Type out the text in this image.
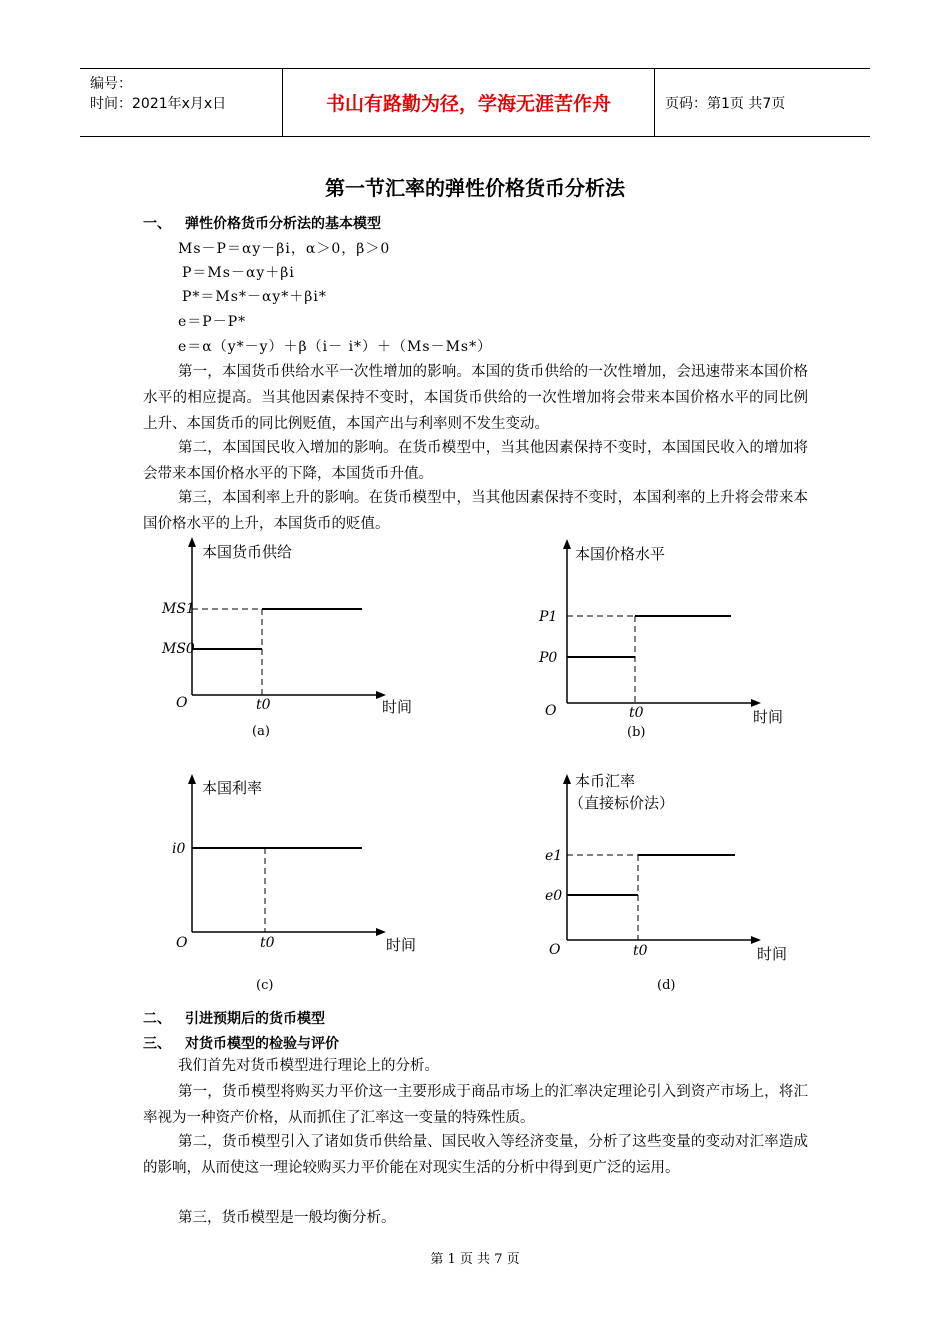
编号：
时间：2021年x月x日	书山有路勤为径，学海无涯苦作舟	页码：第1页 共7页
第一节汇率的弹性价格货币分析法
一、 弹性价格货币分析法的基本模型
Ms－P＝αy－βi，α＞0，β＞0
P＝Ms－αy＋βi
P*＝Ms*－αy*＋βi*
e＝P－P*
e＝α（y*－y）＋β（i－ i*）＋（Ms－Ms*）
第一，本国货币供给水平一次性增加的影响。本国的货币供给的一次性增加，会迅速带来本国价格水平的相应提高。当其他因素保持不变时，本国货币供给的一次性增加将会带来本国价格水平的同比例上升、本国货币的同比例贬值，本国产出与利率则不发生变动。
第二，本国国民收入增加的影响。在货币模型中，当其他因素保持不变时，本国国民收入的增加将会带来本国价格水平的下降，本国货币升值。
第三，本国利率上升的影响。在货币模型中，当其他因素保持不变时，本国利率的上升将会带来本国价格水平的上升，本国货币的贬值。
本国货币供给
MS1
MS0
O	t0	时间
(a)
本国价格水平
P1
P0
O	t0	时间
(b)
本国利率
i0
O	t0	时间
(c)
本币汇率
（直接标价法）
e1
e0
O	t0	时间
(d)
二、 引进预期后的货币模型
三、 对货币模型的检验与评价
我们首先对货币模型进行理论上的分析。
第一，货币模型将购买力平价这一主要形成于商品市场上的汇率决定理论引入到资产市场上，将汇率视为一种资产价格，从而抓住了汇率这一变量的特殊性质。
第二，货币模型引入了诸如货币供给量、国民收入等经济变量，分析了这些变量的变动对汇率造成的影响，从而使这一理论较购买力平价能在对现实生活的分析中得到更广泛的运用。
第三，货币模型是一般均衡分析。
第 1 页 共 7 页
